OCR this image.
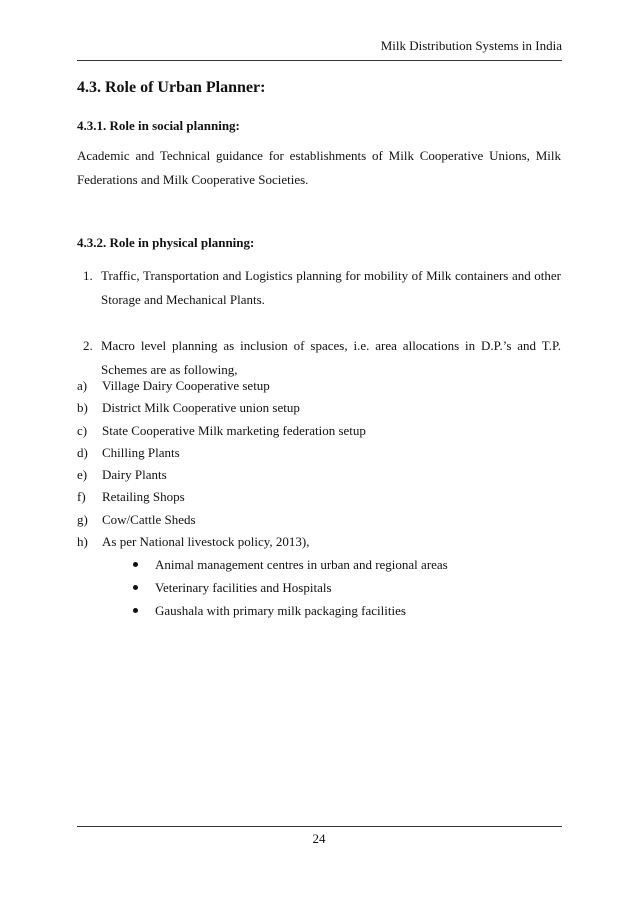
Milk Distribution Systems in India
4.3. Role of Urban Planner:
4.3.1. Role in social planning:

Academic and Technical guidance for establishments of Milk Cooperative Unions, Milk Federations and Milk Cooperative Societies.

4.3.2. Role in physical planning:
1. Traffic, Transportation and Logistics planning for mobility of Milk containers and other Storage and Mechanical Plants.
2. Macro level planning as inclusion of spaces, i.e. area allocations in D.P.’s and T.P. Schemes are as following,
a) Village Dairy Cooperative setup
b) District Milk Cooperative union setup
c) State Cooperative Milk marketing federation setup
d) Chilling Plants
e) Dairy Plants
f) Retailing Shops
g) Cow/Cattle Sheds
h) As per National livestock policy, 2013),
Animal management centres in urban and regional areas
Veterinary facilities and Hospitals
Gaushala with primary milk packaging facilities
24
